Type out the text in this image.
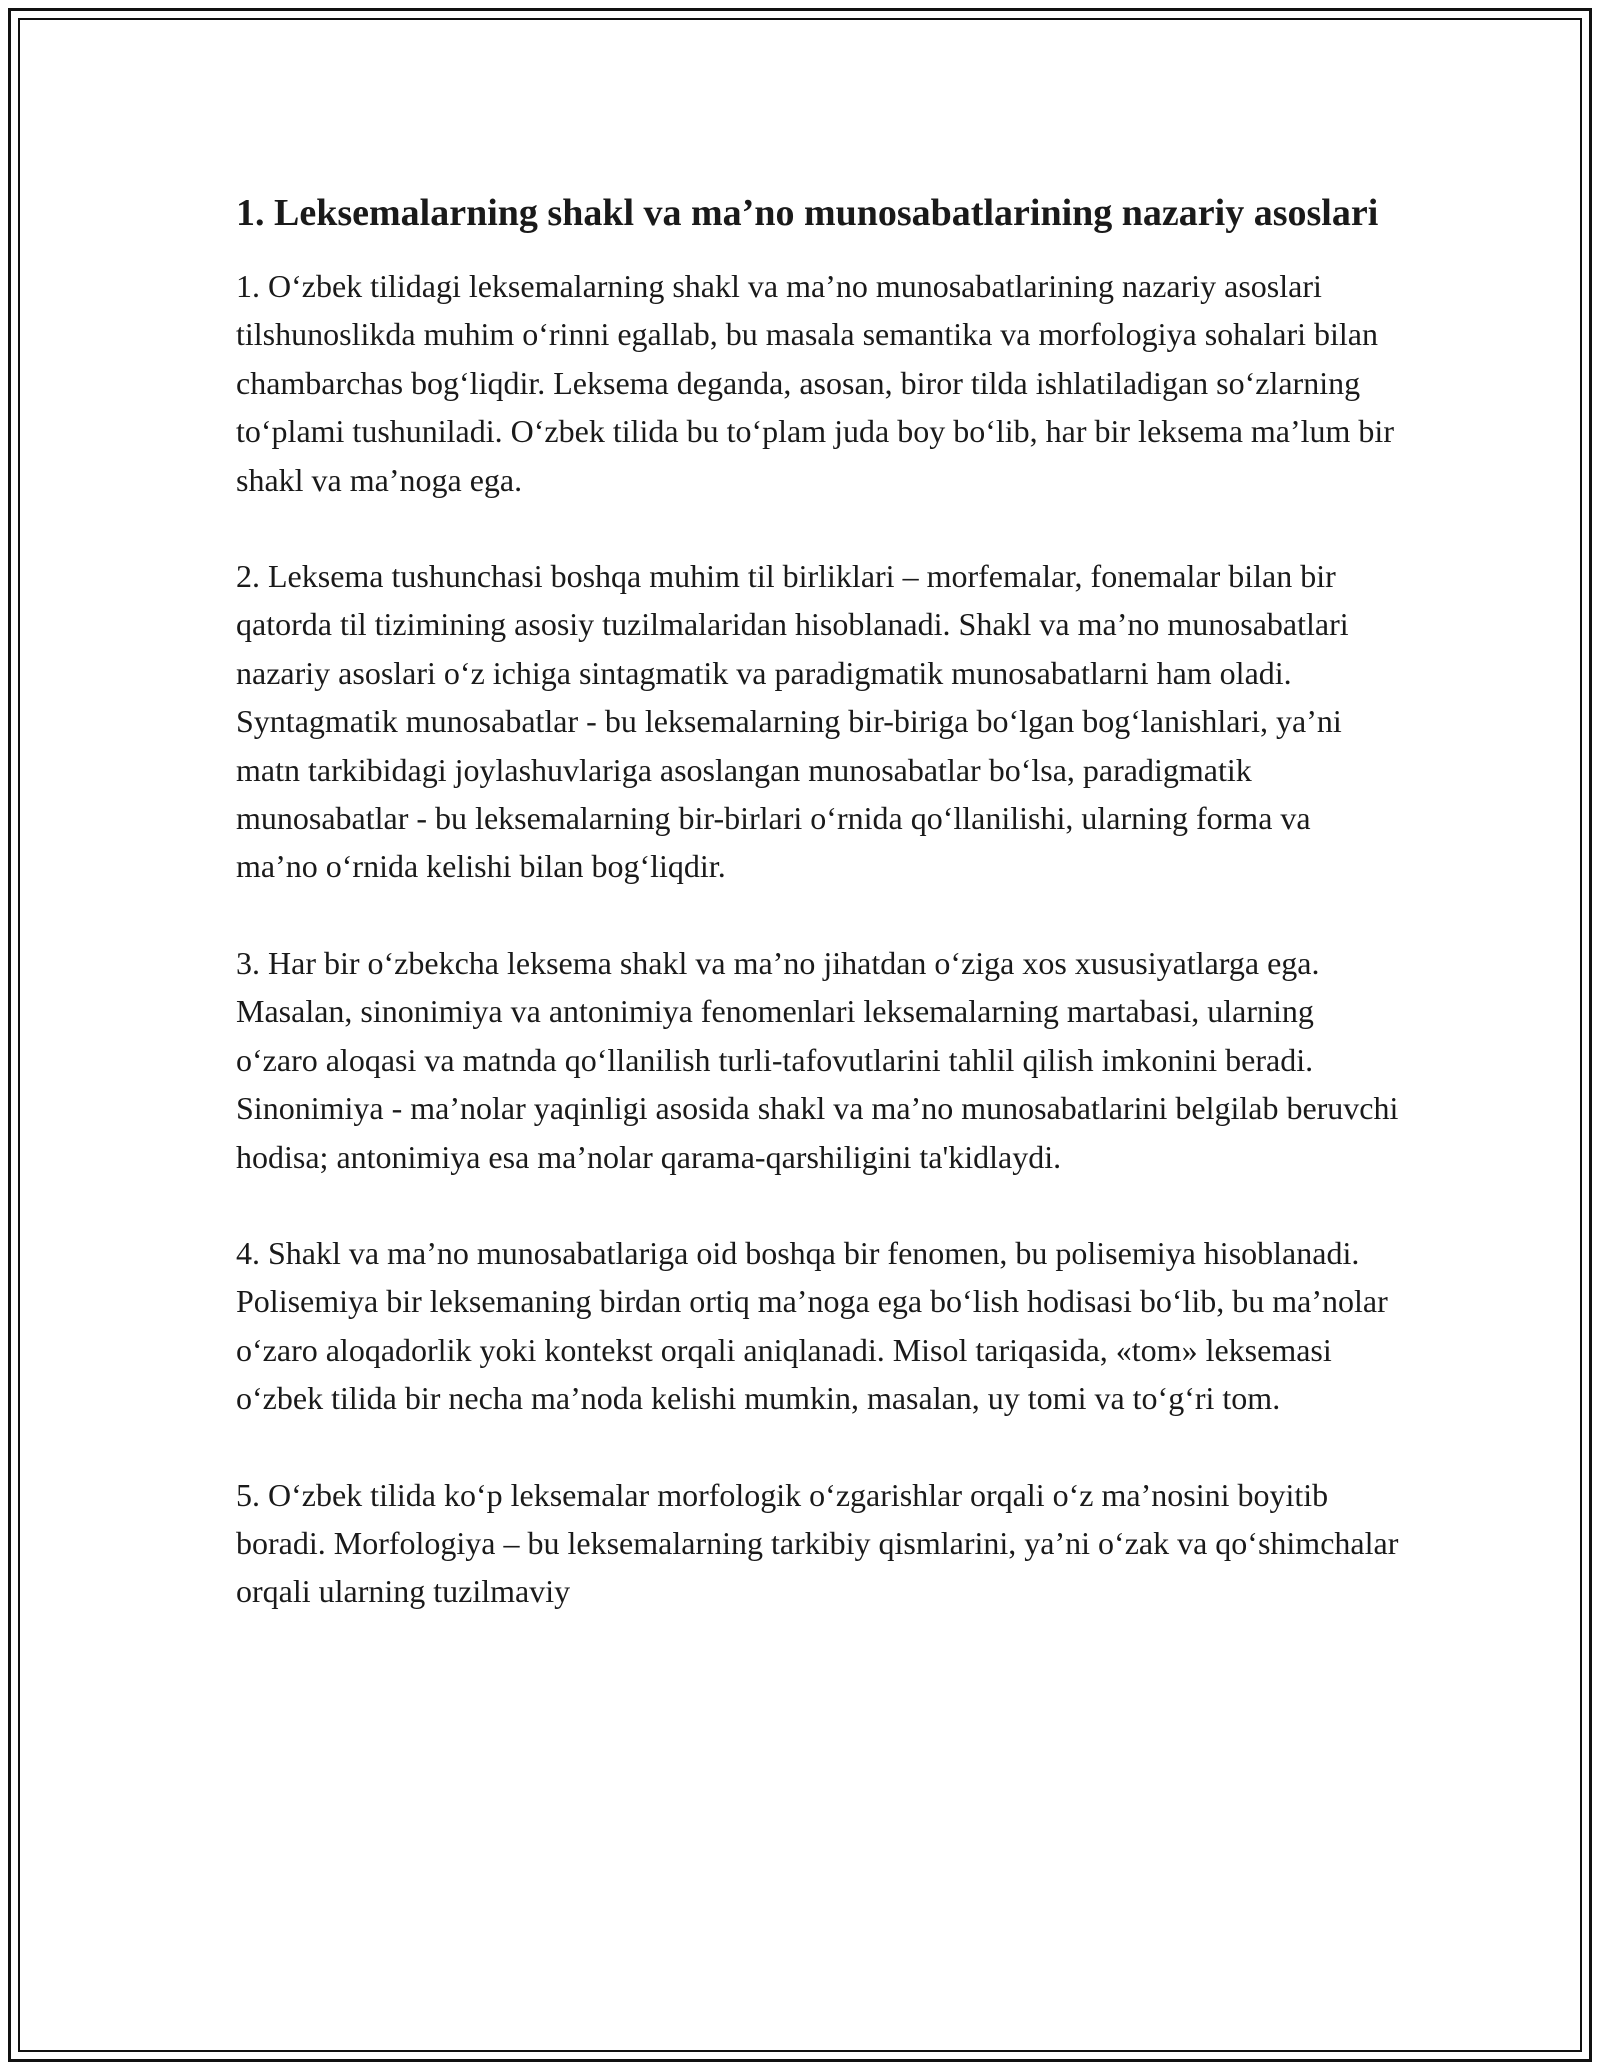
1. Leksemalarning shakl va ma’no munosabatlarining nazariy asoslari

1. O‘zbek tilidagi leksemalarning shakl va ma’no munosabatlarining nazariy asoslari tilshunoslikda muhim o‘rinni egallab, bu masala semantika va morfologiya sohalari bilan chambarchas bog‘liqdir. Leksema deganda, asosan, biror tilda ishlatiladigan so‘zlarning to‘plami tushuniladi. O‘zbek tilida bu to‘plam juda boy bo‘lib, har bir leksema ma’lum bir shakl va ma’noga ega.

2. Leksema tushunchasi boshqa muhim til birliklari – morfemalar, fonemalar bilan bir qatorda til tizimining asosiy tuzilmalaridan hisoblanadi. Shakl va ma’no munosabatlari nazariy asoslari o‘z ichiga sintagmatik va paradigmatik munosabatlarni ham oladi. Syntagmatik munosabatlar - bu leksemalarning bir-biriga bo‘lgan bog‘lanishlari, ya’ni matn tarkibidagi joylashuvlariga asoslangan munosabatlar bo‘lsa, paradigmatik munosabatlar - bu leksemalarning bir-birlari o‘rnida qo‘llanilishi, ularning forma va ma’no o‘rnida kelishi bilan bog‘liqdir.

3. Har bir o‘zbekcha leksema shakl va ma’no jihatdan o‘ziga xos xususiyatlarga ega. Masalan, sinonimiya va antonimiya fenomenlari leksemalarning martabasi, ularning o‘zaro aloqasi va matnda qo‘llanilish turli-tafovutlarini tahlil qilish imkonini beradi. Sinonimiya - ma’nolar yaqinligi asosida shakl va ma’no munosabatlarini belgilab beruvchi hodisa; antonimiya esa ma’nolar qarama-qarshiligini ta'kidlaydi.

4. Shakl va ma’no munosabatlariga oid boshqa bir fenomen, bu polisemiya hisoblanadi. Polisemiya bir leksemaning birdan ortiq ma’noga ega bo‘lish hodisasi bo‘lib, bu ma’nolar o‘zaro aloqadorlik yoki kontekst orqali aniqlanadi. Misol tariqasida, «tom» leksemasi o‘zbek tilida bir necha ma’noda kelishi mumkin, masalan, uy tomi va to‘g‘ri tom.

5. O‘zbek tilida ko‘p leksemalar morfologik o‘zgarishlar orqali o‘z ma’nosini boyitib boradi. Morfologiya – bu leksemalarning tarkibiy qismlarini, ya’ni o‘zak va qo‘shimchalar orqali ularning tuzilmaviy
